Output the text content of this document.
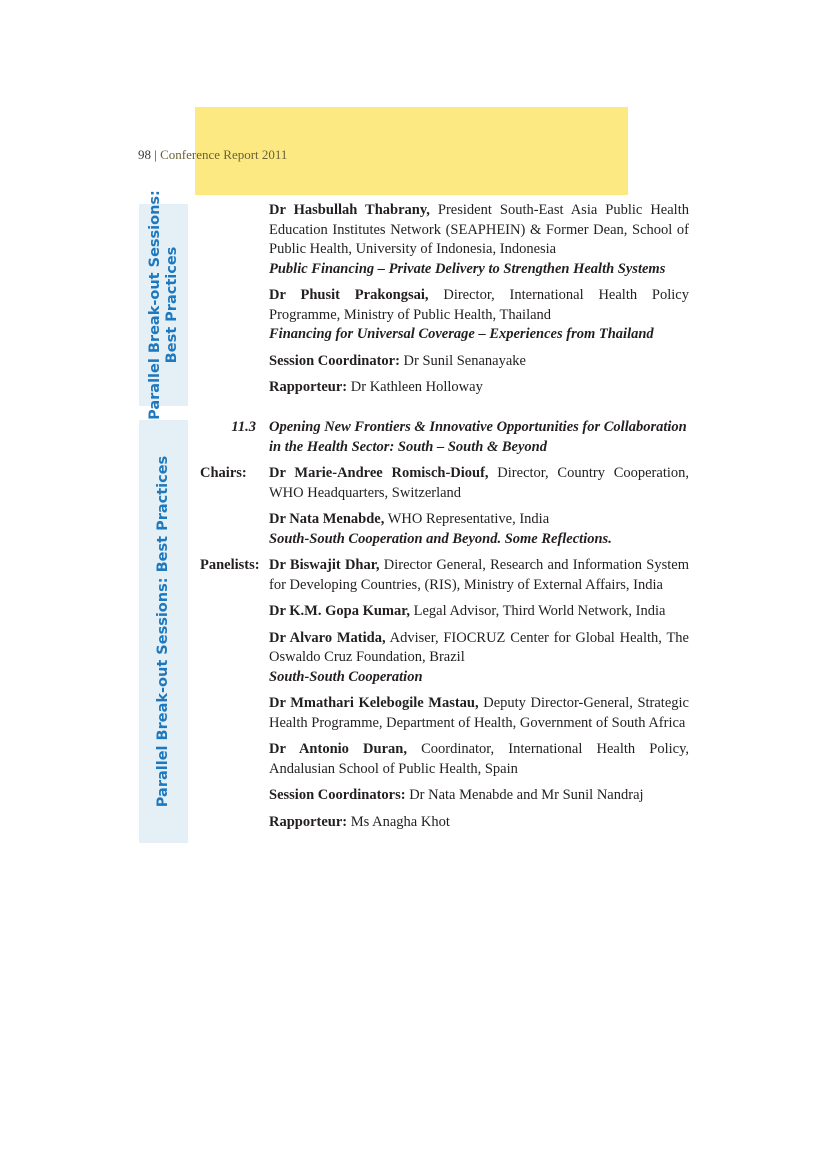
98 | Conference Report 2011
Parallel Break-out Sessions: Best Practices
Parallel Break-out Sessions: Best Practices
Dr Hasbullah Thabrany, President South-East Asia Public Health Education Institutes Network (SEAPHEIN) & Former Dean, School of Public Health, University of Indonesia, Indonesia
Public Financing – Private Delivery to Strengthen Health Systems
Dr Phusit Prakongsai, Director, International Health Policy Programme, Ministry of Public Health, Thailand
Financing for Universal Coverage – Experiences from Thailand
Session Coordinator: Dr Sunil Senanayake
Rapporteur: Dr Kathleen Holloway
11.3 Opening New Frontiers & Innovative Opportunities for Collaboration in the Health Sector: South – South & Beyond
Chairs:	Dr Marie-Andree Romisch-Diouf, Director, Country Cooperation, WHO Headquarters, Switzerland
Dr Nata Menabde, WHO Representative, India
South-South Cooperation and Beyond. Some Reflections.
Panelists: Dr Biswajit Dhar, Director General, Research and Information System for Developing Countries, (RIS), Ministry of External Affairs, India
Dr K.M. Gopa Kumar, Legal Advisor, Third World Network, India
Dr Alvaro Matida, Adviser, FIOCRUZ Center for Global Health, The Oswaldo Cruz Foundation, Brazil
South-South Cooperation
Dr Mmathari Kelebogile Mastau, Deputy Director-General, Strategic Health Programme, Department of Health, Government of South Africa
Dr Antonio Duran, Coordinator, International Health Policy, Andalusian School of Public Health, Spain
Session Coordinators: Dr Nata Menabde and Mr Sunil Nandraj
Rapporteur: Ms Anagha Khot
